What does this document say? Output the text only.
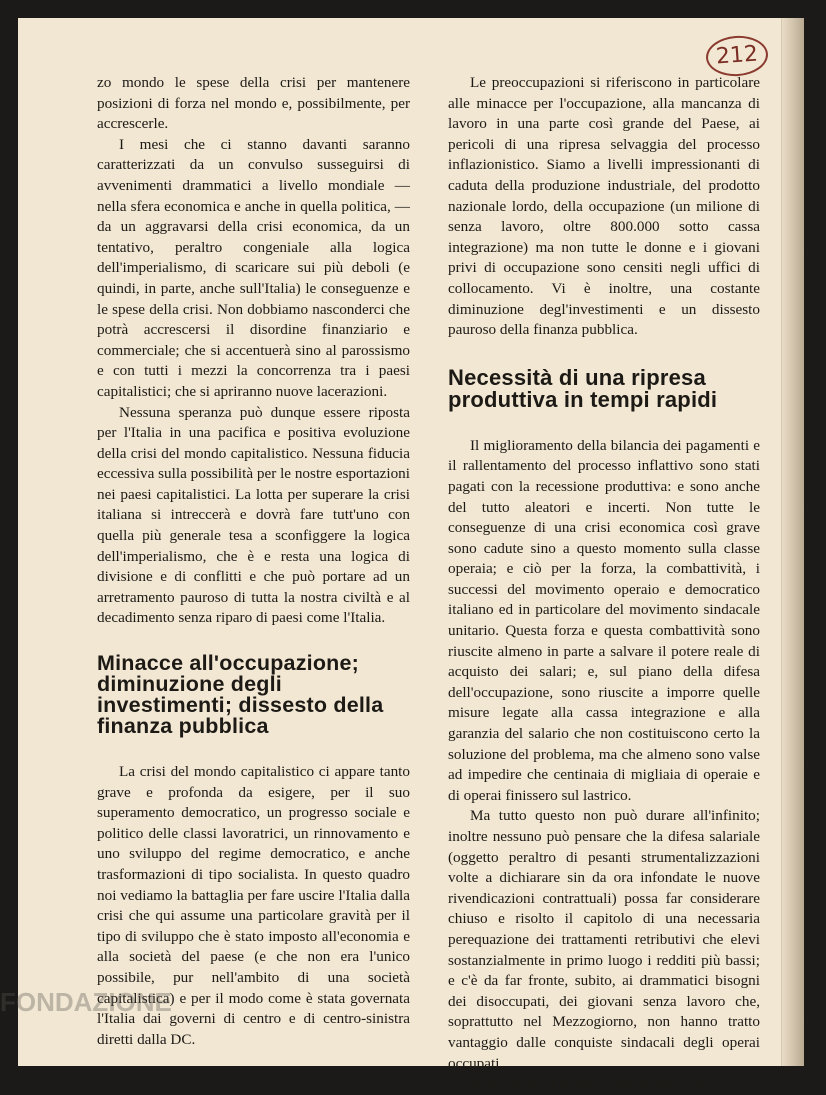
212

zo mondo le spese della crisi per mantenere posizioni di forza nel mondo e, possibilmente, per accrescerle.

I mesi che ci stanno davanti saranno caratterizzati da un convulso susseguirsi di avvenimenti drammatici a livello mondiale — nella sfera economica e anche in quella politica, — da un aggravarsi della crisi economica, da un tentativo, peraltro congeniale alla logica dell'imperialismo, di scaricare sui più deboli (e quindi, in parte, anche sull'Italia) le conseguenze e le spese della crisi. Non dobbiamo nasconderci che potrà accrescersi il disordine finanziario e commerciale; che si accentuerà sino al parossismo e con tutti i mezzi la concorrenza tra i paesi capitalistici; che si apriranno nuove lacerazioni.

Nessuna speranza può dunque essere riposta per l'Italia in una pacifica e positiva evoluzione della crisi del mondo capitalistico. Nessuna fiducia eccessiva sulla possibilità per le nostre esportazioni nei paesi capitalistici. La lotta per superare la crisi italiana si intreccerà e dovrà fare tutt'uno con quella più generale tesa a sconfiggere la logica dell'imperialismo, che è e resta una logica di divisione e di conflitti e che può portare ad un arretramento pauroso di tutta la nostra civiltà e al decadimento senza riparo di paesi come l'Italia.

Minacce all'occupazione; diminuzione degli investimenti; dissesto della finanza pubblica

La crisi del mondo capitalistico ci appare tanto grave e profonda da esigere, per il suo superamento democratico, un progresso sociale e politico delle classi lavoratrici, un rinnovamento e uno sviluppo del regime democratico, e anche trasformazioni di tipo socialista. In questo quadro noi vediamo la battaglia per fare uscire l'Italia dalla crisi che qui assume una particolare gravità per il tipo di sviluppo che è stato imposto all'economia e alla società del paese (e che non era l'unico possibile, pur nell'ambito di una società capitalistica) e per il modo come è stata governata l'Italia dai governi di centro e di centro-sinistra diretti dalla DC.

Le preoccupazioni si riferiscono in particolare alle minacce per l'occupazione, alla mancanza di lavoro in una parte così grande del Paese, ai pericoli di una ripresa selvaggia del processo inflazionistico. Siamo a livelli impressionanti di caduta della produzione industriale, del prodotto nazionale lordo, della occupazione (un milione di senza lavoro, oltre 800.000 sotto cassa integrazione) ma non tutte le donne e i giovani privi di occupazione sono censiti negli uffici di collocamento. Vi è inoltre, una costante diminuzione degl'investimenti e un dissesto pauroso della finanza pubblica.

Necessità di una ripresa produttiva in tempi rapidi

Il miglioramento della bilancia dei pagamenti e il rallentamento del processo inflattivo sono stati pagati con la recessione produttiva: e sono anche del tutto aleatori e incerti. Non tutte le conseguenze di una crisi economica così grave sono cadute sino a questo momento sulla classe operaia; e ciò per la forza, la combattività, i successi del movimento operaio e democratico italiano ed in particolare del movimento sindacale unitario. Questa forza e questa combattività sono riuscite almeno in parte a salvare il potere reale di acquisto dei salari; e, sul piano della difesa dell'occupazione, sono riuscite a imporre quelle misure legate alla cassa integrazione e alla garanzia del salario che non costituiscono certo la soluzione del problema, ma che almeno sono valse ad impedire che centinaia di migliaia di operaie e di operai finissero sul lastrico.

Ma tutto questo non può durare all'infinito; inoltre nessuno può pensare che la difesa salariale (oggetto peraltro di pesanti strumentalizzazioni volte a dichiarare sin da ora infondate le nuove rivendicazioni contrattuali) possa far considerare chiuso e risolto il capitolo di una necessaria perequazione dei trattamenti retributivi che elevi sostanzialmente in primo luogo i redditi più bassi; e c'è da far fronte, subito, ai drammatici bisogni dei disoccupati, dei giovani senza lavoro che, soprattutto nel Mezzogiorno, non hanno tratto vantaggio dalle conquiste sindacali degli operai occupati.

Non si può far fronte a queste necessità sen-

FONDAZIONE
